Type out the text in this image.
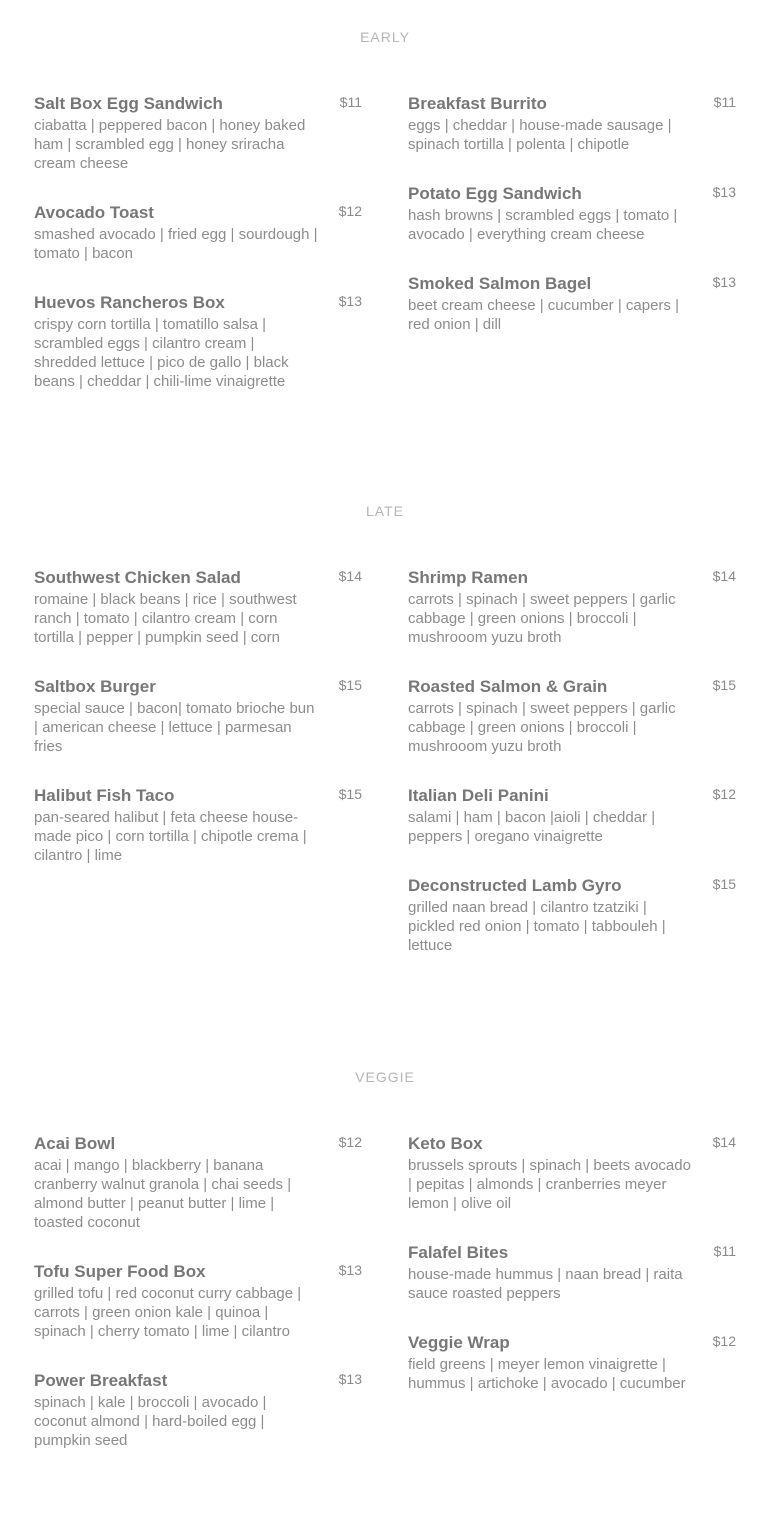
EARLY
Salt Box Egg Sandwich	$11
ciabatta | peppered bacon | honey baked ham | scrambled egg | honey sriracha cream cheese
Avocado Toast	$12
smashed avocado | fried egg | sourdough | tomato | bacon
Huevos Rancheros Box	$13
crispy corn tortilla | tomatillo salsa | scrambled eggs | cilantro cream | shredded lettuce | pico de gallo | black beans | cheddar | chili-lime vinaigrette
Breakfast Burrito	$11
eggs | cheddar | house-made sausage | spinach tortilla | polenta | chipotle
Potato Egg Sandwich	$13
hash browns | scrambled eggs | tomato | avocado | everything cream cheese
Smoked Salmon Bagel	$13
beet cream cheese | cucumber | capers | red onion | dill
LATE
Southwest Chicken Salad	$14
romaine | black beans | rice | southwest ranch | tomato | cilantro cream | corn tortilla | pepper | pumpkin seed | corn
Saltbox Burger	$15
special sauce | bacon| tomato brioche bun | american cheese | lettuce | parmesan fries
Halibut Fish Taco	$15
pan-seared halibut | feta cheese house-made pico | corn tortilla | chipotle crema | cilantro | lime
Shrimp Ramen	$14
carrots | spinach | sweet peppers | garlic cabbage | green onions | broccoli | mushrooom yuzu broth
Roasted Salmon & Grain	$15
carrots | spinach | sweet peppers | garlic cabbage | green onions | broccoli | mushrooom yuzu broth
Italian Deli Panini	$12
salami | ham | bacon |aioli | cheddar | peppers | oregano vinaigrette
Deconstructed Lamb Gyro	$15
grilled naan bread | cilantro tzatziki | pickled red onion | tomato | tabbouleh | lettuce
VEGGIE
Acai Bowl	$12
acai | mango | blackberry | banana cranberry walnut granola | chai seeds | almond butter | peanut butter | lime | toasted coconut
Tofu Super Food Box	$13
grilled tofu | red coconut curry cabbage | carrots | green onion kale | quinoa | spinach | cherry tomato | lime | cilantro
Power Breakfast	$13
spinach | kale | broccoli | avocado | coconut almond | hard-boiled egg | pumpkin seed
Keto Box	$14
brussels sprouts | spinach | beets avocado | pepitas | almonds | cranberries meyer lemon | olive oil
Falafel Bites	$11
house-made hummus | naan bread | raita sauce roasted peppers
Veggie Wrap	$12
field greens | meyer lemon vinaigrette | hummus | artichoke | avocado | cucumber
